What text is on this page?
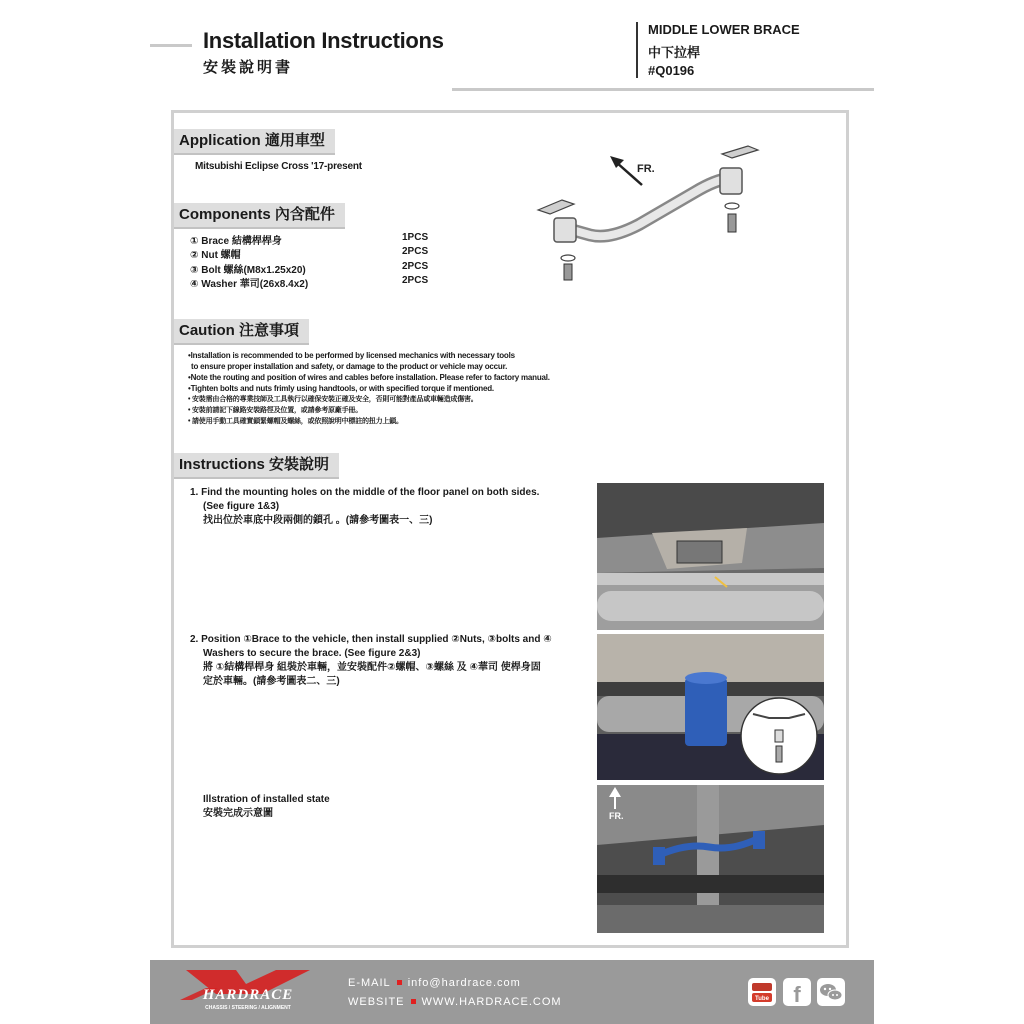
Installation Instructions
安裝說明書
MIDDLE LOWER BRACE
中下拉桿
#Q0196
Application 適用車型
Mitsubishi Eclipse Cross '17-present	FR.
Components 內含配件
① Brace 結構桿桿身	1PCS
② Nut 螺帽	2PCS
③ Bolt 螺絲(M8x1.25x20)	2PCS
④ Washer 華司(26x8.4x2)	2PCS
Caution 注意事項
•Installation is recommended to be performed by licensed mechanics with necessary tools
to ensure proper installation and safety, or damage to the product or vehicle may occur.
•Note the routing and position of wires and cables before installation. Please refer to factory manual.
•Tighten bolts and nuts frimly using handtools, or with specified torque if mentioned.
• 安裝需由合格的專業技師及工具執行以確保安裝正確及安全，否則可能對產品或車輛造成傷害。
• 安裝前請記下線路安裝路徑及位置，或請參考原廠手冊。
• 請使用手動工具確實鎖緊螺帽及螺絲，或依照說明中標註的扭力上鎖。
Instructions 安裝說明
1. Find the mounting holes on the middle of the floor panel on both sides.
(See figure 1&3)
找出位於車底中段兩側的鎖孔 。(請參考圖表一、三)
2. Position ①Brace to the vehicle, then install supplied ②Nuts, ③bolts and ④
Washers to secure the brace. (See figure 2&3)
將 ①結構桿桿身 組裝於車輛，並安裝配件②螺帽、③螺絲 及 ④華司 使桿身固
定於車輛。(請參考圖表二、三)
Illstration of installed state
安裝完成示意圖	FR.
HARDRACE
CHASSIS / STEERING / ALIGNMENT
E-MAIL info@hardrace.com
WEBSITE WWW.HARDRACE.COM	Tube f
